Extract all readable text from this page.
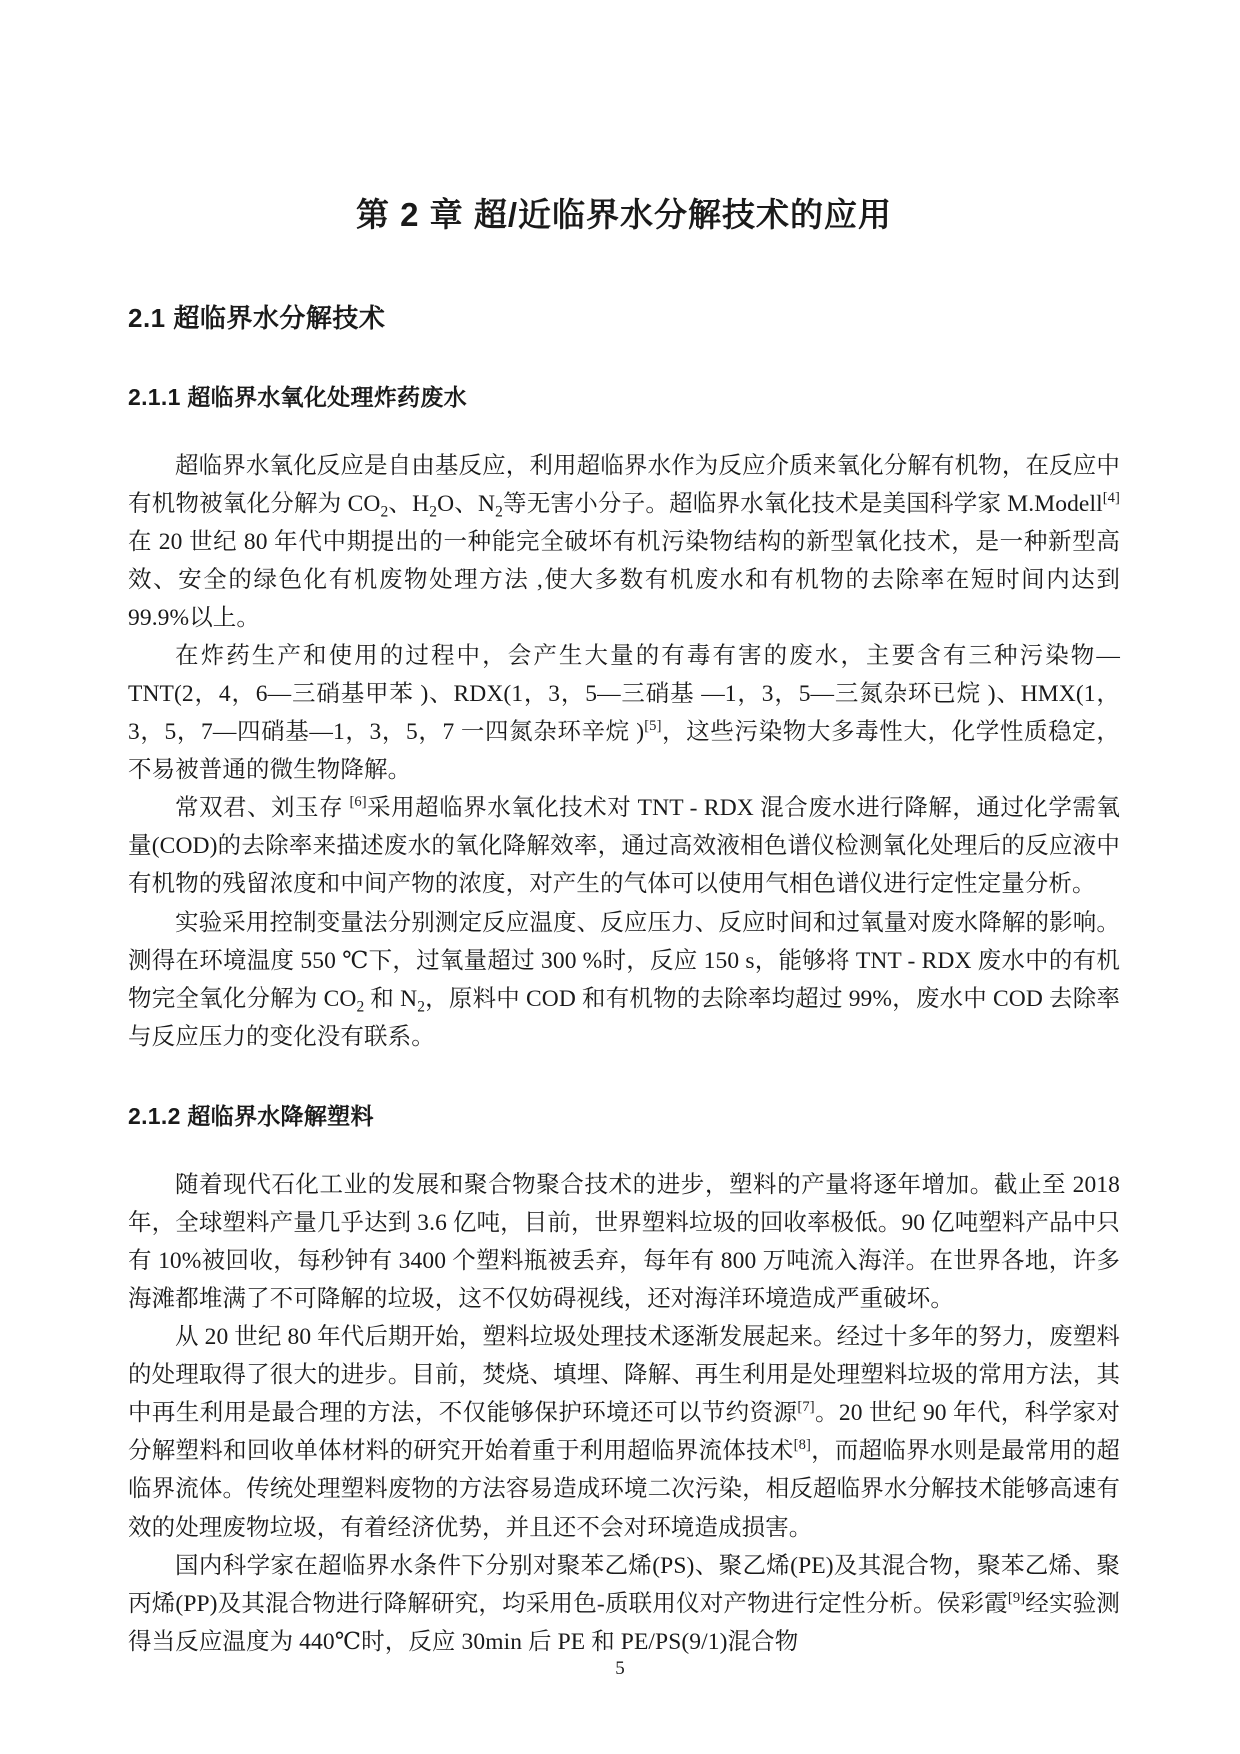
第 2 章 超/近临界水分解技术的应用
2.1 超临界水分解技术
2.1.1 超临界水氧化处理炸药废水

超临界水氧化反应是自由基反应，利用超临界水作为反应介质来氧化分解有机物，在反应中有机物被氧化分解为 $CO_2$、$H_2O$、$N_2$等无害小分子。超临界水氧化技术是美国科学家 M.Modell[4]在 20 世纪 80 年代中期提出的一种能完全破坏有机污染物结构的新型氧化技术，是一种新型高效、安全的绿色化有机废物处理方法 ,使大多数有机废水和有机物的去除率在短时间内达到 99.9%以上。

在炸药生产和使用的过程中，会产生大量的有毒有害的废水，主要含有三种污染物—TNT(2，4，6—三硝基甲苯 )、RDX(1，3，5—三硝基 —1，3，5—三氮杂环已烷 )、HMX(1，3，5，7—四硝基—1，3，5，7 一四氮杂环辛烷 )[5]，这些污染物大多毒性大，化学性质稳定，不易被普通的微生物降解。

常双君、刘玉存 [6]采用超临界水氧化技术对 TNT - RDX 混合废水进行降解，通过化学需氧量(COD)的去除率来描述废水的氧化降解效率，通过高效液相色谱仪检测氧化处理后的反应液中有机物的残留浓度和中间产物的浓度，对产生的气体可以使用气相色谱仪进行定性定量分析。

实验采用控制变量法分别测定反应温度、反应压力、反应时间和过氧量对废水降解的影响。测得在环境温度 550 ℃下，过氧量超过 300 %时，反应 150 s，能够将 TNT - RDX 废水中的有机物完全氧化分解为 $CO_2$ 和 $N_2$，原料中 COD 和有机物的去除率均超过 99%，废水中 COD 去除率与反应压力的变化没有联系。

2.1.2 超临界水降解塑料

随着现代石化工业的发展和聚合物聚合技术的进步，塑料的产量将逐年增加。截止至 2018 年，全球塑料产量几乎达到 3.6 亿吨，目前，世界塑料垃圾的回收率极低。90 亿吨塑料产品中只有 10%被回收，每秒钟有 3400 个塑料瓶被丢弃，每年有 800 万吨流入海洋。在世界各地，许多海滩都堆满了不可降解的垃圾，这不仅妨碍视线，还对海洋环境造成严重破坏。

从 20 世纪 80 年代后期开始，塑料垃圾处理技术逐渐发展起来。经过十多年的努力，废塑料的处理取得了很大的进步。目前，焚烧、填埋、降解、再生利用是处理塑料垃圾的常用方法，其中再生利用是最合理的方法，不仅能够保护环境还可以节约资源[7]。20 世纪 90 年代，科学家对分解塑料和回收单体材料的研究开始着重于利用超临界流体技术[8]，而超临界水则是最常用的超临界流体。传统处理塑料废物的方法容易造成环境二次污染，相反超临界水分解技术能够高速有效的处理废物垃圾，有着经济优势，并且还不会对环境造成损害。

国内科学家在超临界水条件下分别对聚苯乙烯(PS)、聚乙烯(PE)及其混合物，聚苯乙烯、聚丙烯(PP)及其混合物进行降解研究，均采用色-质联用仪对产物进行定性分析。侯彩霞[9]经实验测得当反应温度为 440℃时，反应 30min 后 PE 和 PE/PS(9/1)混合物

5
